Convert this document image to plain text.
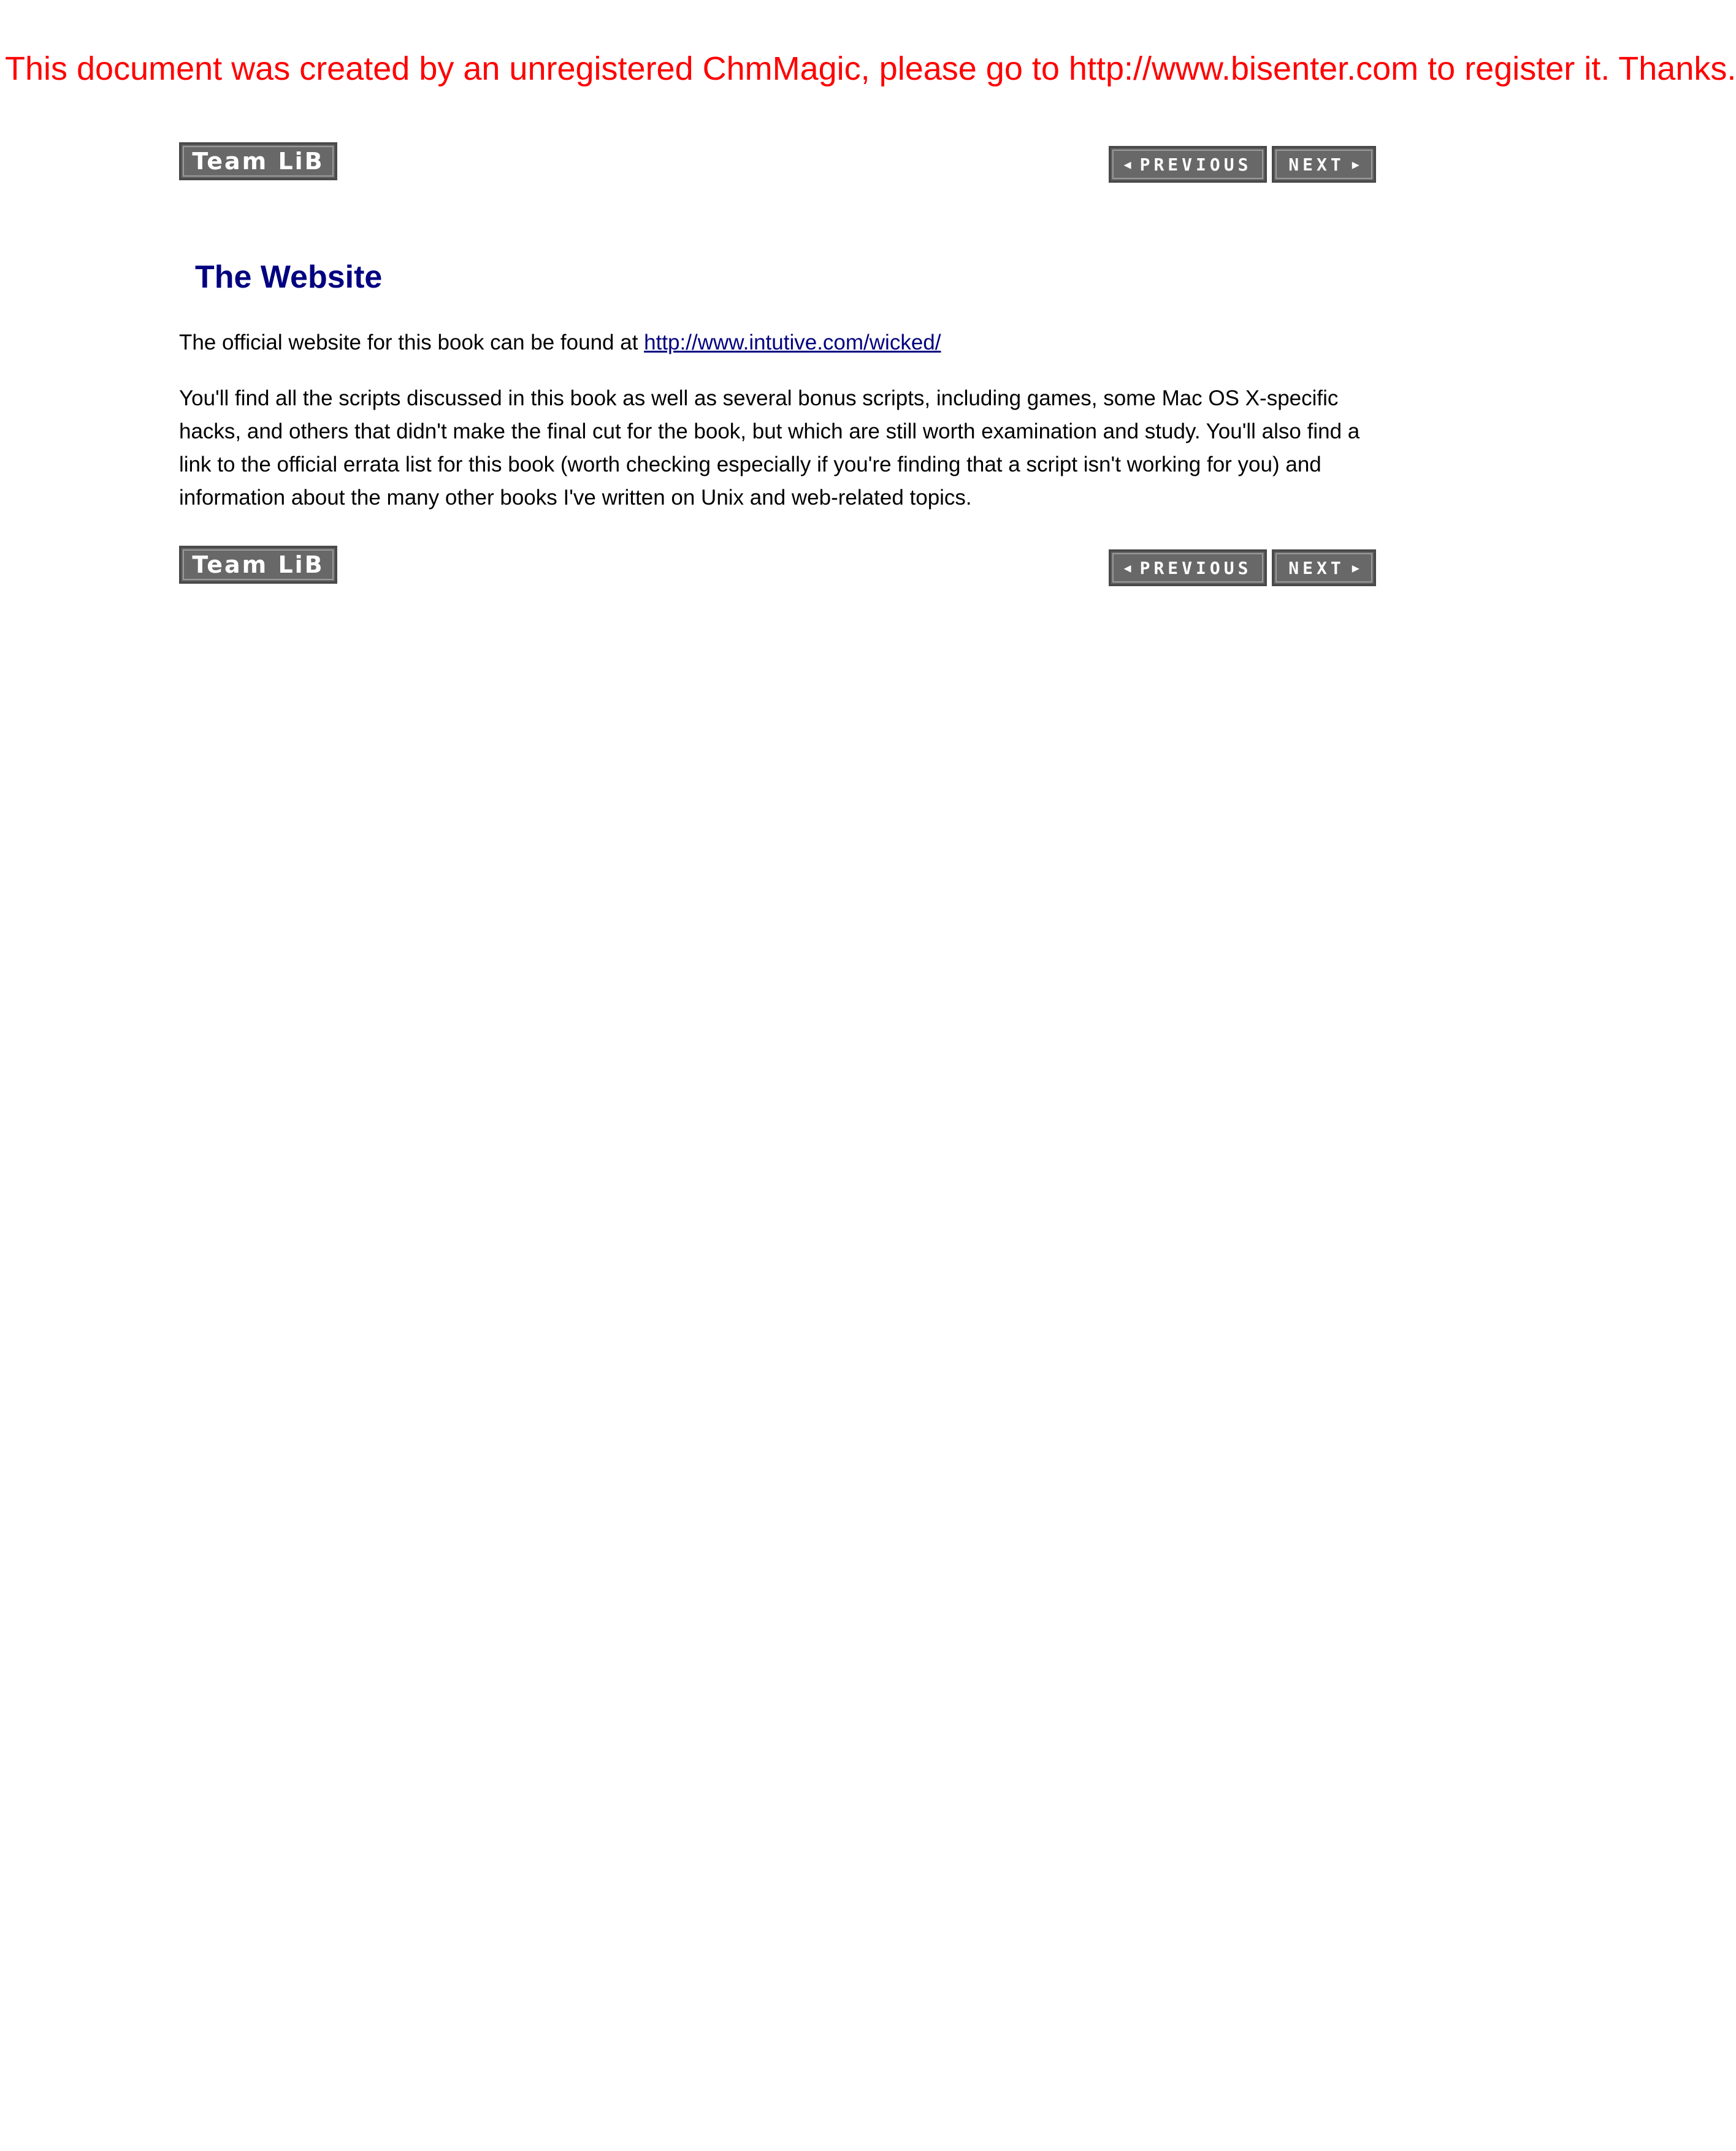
This document was created by an unregistered ChmMagic, please go to http://www.bisenter.com to register it. Thanks.
Team LiB	◀ PREVIOUS NEXT ▶
The Website

The official website for this book can be found at http://www.intutive.com/wicked/

You'll find all the scripts discussed in this book as well as several bonus scripts, including games, some Mac OS X-specific hacks, and others that didn't make the final cut for the book, but which are still worth examination and study. You'll also find a link to the official errata list for this book (worth checking especially if you're finding that a script isn't working for you) and information about the many other books I've written on Unix and web-related topics.

Team LiB	◀ PREVIOUS NEXT ▶
